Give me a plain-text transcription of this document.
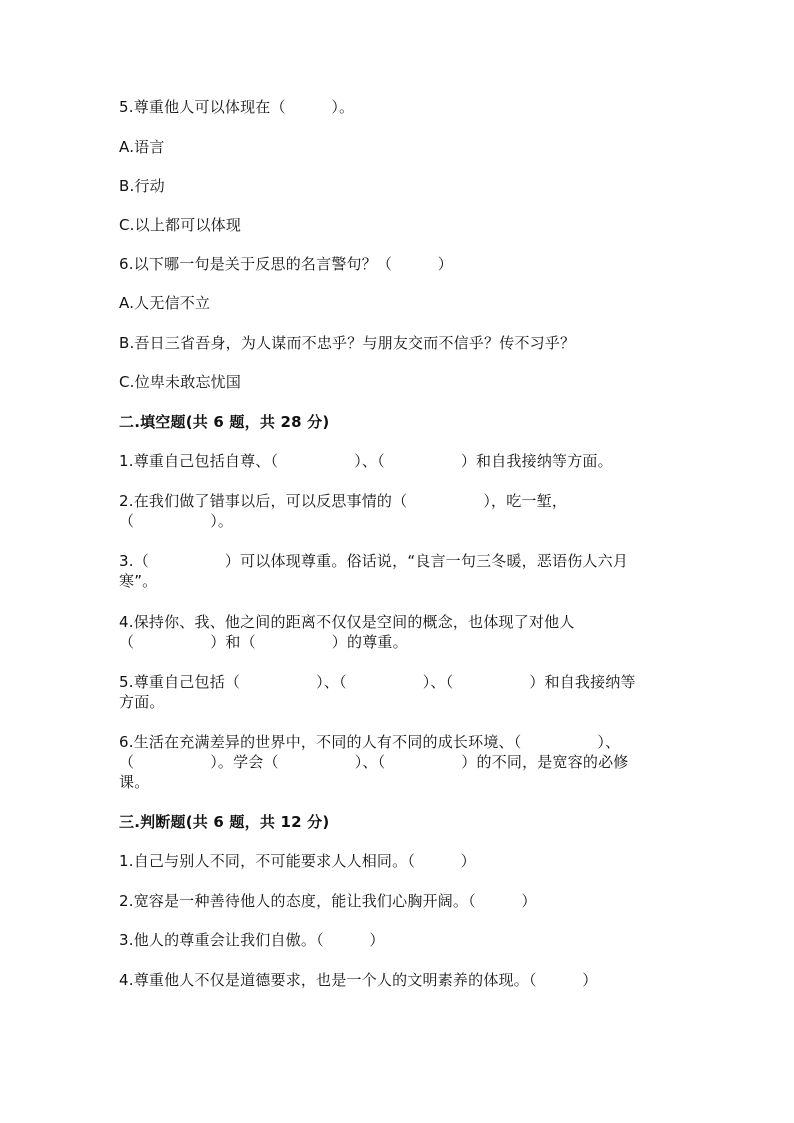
5.尊重他人可以体现在（　　　）。
A.语言
B.行动
C.以上都可以体现
6.以下哪一句是关于反思的名言警句？（　　　）
A.人无信不立
B.吾日三省吾身，为人谋而不忠乎？与朋友交而不信乎？传不习乎？
C.位卑未敢忘忧国
二.填空题(共 6 题，共 28 分)
1.尊重自己包括自尊、（　　　　　）、（　　　　　）和自我接纳等方面。
2.在我们做了错事以后，可以反思事情的（　　　　　），吃一堑，
（　　　　　）。
3.（　　　　　）可以体现尊重。俗话说，“良言一句三冬暖，恶语伤人六月
寒”。
4.保持你、我、他之间的距离不仅仅是空间的概念，也体现了对他人
（　　　　　）和（　　　　　）的尊重。
5.尊重自己包括（　　　　　）、（　　　　　）、（　　　　　）和自我接纳等
方面。
6.生活在充满差异的世界中，不同的人有不同的成长环境、（　　　　　）、
（　　　　　）。学会（　　　　　）、（　　　　　）的不同，是宽容的必修
课。
三.判断题(共 6 题，共 12 分)
1.自己与别人不同，不可能要求人人相同。（　　　）
2.宽容是一种善待他人的态度，能让我们心胸开阔。（　　　）
3.他人的尊重会让我们自傲。（　　　）
4.尊重他人不仅是道德要求，也是一个人的文明素养的体现。（　　　）
